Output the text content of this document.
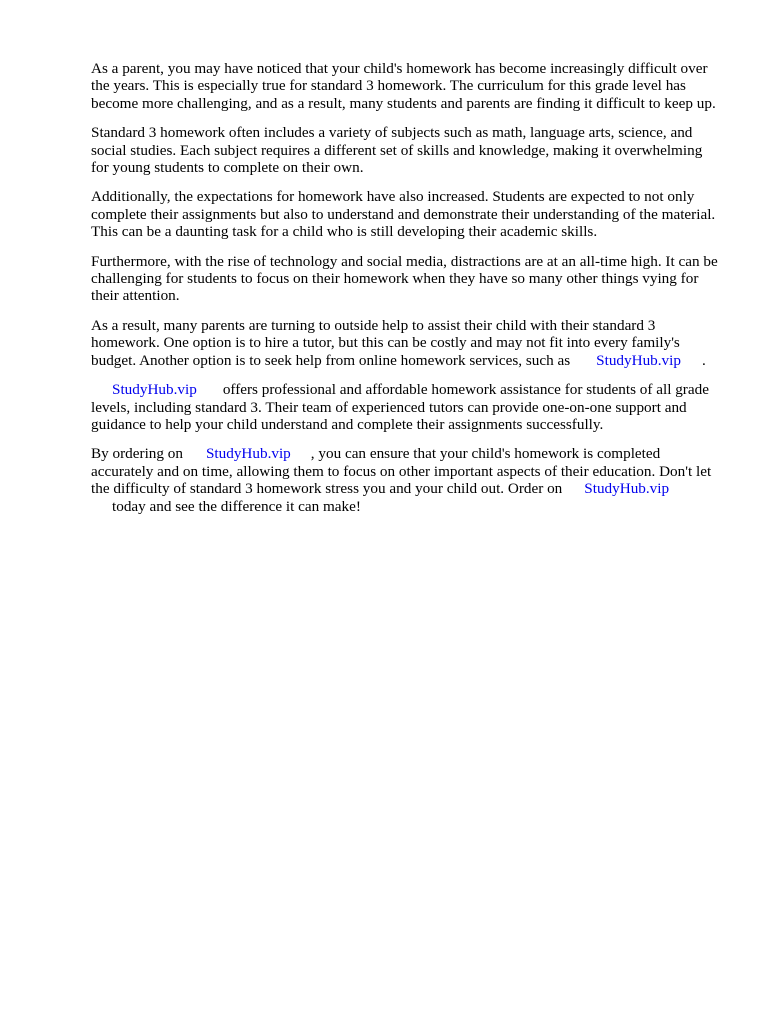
As a parent, you may have noticed that your child's homework has become increasingly difficult over the years. This is especially true for standard 3 homework. The curriculum for this grade level has become more challenging, and as a result, many students and parents are finding it difficult to keep up.

Standard 3 homework often includes a variety of subjects such as math, language arts, science, and social studies. Each subject requires a different set of skills and knowledge, making it overwhelming for young students to complete on their own.

Additionally, the expectations for homework have also increased. Students are expected to not only complete their assignments but also to understand and demonstrate their understanding of the material. This can be a daunting task for a child who is still developing their academic skills.

Furthermore, with the rise of technology and social media, distractions are at an all-time high. It can be challenging for students to focus on their homework when they have so many other things vying for their attention.

As a result, many parents are turning to outside help to assist their child with their standard 3 homework. One option is to hire a tutor, but this can be costly and may not fit into every family's budget. Another option is to seek help from online homework services, such as StudyHub.vip .

StudyHub.vip offers professional and affordable homework assistance for students of all grade levels, including standard 3. Their team of experienced tutors can provide one-on-one support and guidance to help your child understand and complete their assignments successfully.

By ordering on StudyHub.vip , you can ensure that your child's homework is completed accurately and on time, allowing them to focus on other important aspects of their education. Don't let the difficulty of standard 3 homework stress you and your child out. Order on StudyHub.vip
today and see the difference it can make!
